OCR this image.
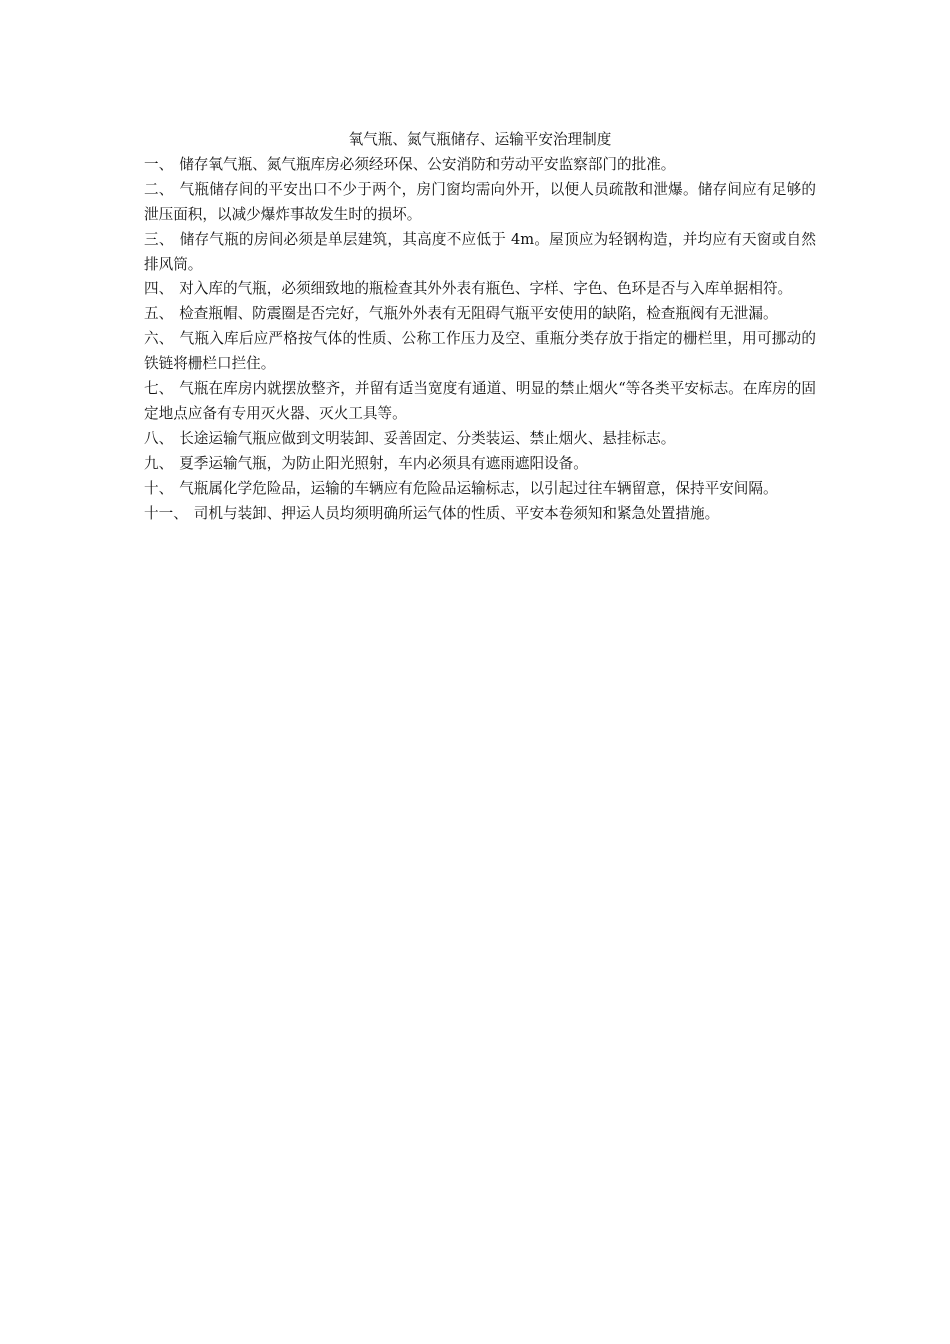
氧气瓶、氮气瓶储存、运输平安治理制度

一、 储存氧气瓶、氮气瓶库房必须经环保、公安消防和劳动平安监察部门的批准。

二、 气瓶储存间的平安出口不少于两个，房门窗均需向外开，以便人员疏散和泄爆。储存间应有足够的泄压面积，以减少爆炸事故发生时的损坏。

三、 储存气瓶的房间必须是单层建筑，其高度不应低于 4m。屋顶应为轻钢构造，并均应有天窗或自然排风筒。

四、 对入库的气瓶，必须细致地的瓶检查其外外表有瓶色、字样、字色、色环是否与入库单据相符。

五、 检查瓶帽、防震圈是否完好，气瓶外外表有无阻碍气瓶平安使用的缺陷，检查瓶阀有无泄漏。

六、 气瓶入库后应严格按气体的性质、公称工作压力及空、重瓶分类存放于指定的栅栏里，用可挪动的铁链将栅栏口拦住。

七、 气瓶在库房内就摆放整齐，并留有适当宽度有通道、明显的禁止烟火“等各类平安标志。在库房的固定地点应备有专用灭火器、灭火工具等。

八、 长途运输气瓶应做到文明装卸、妥善固定、分类装运、禁止烟火、悬挂标志。

九、 夏季运输气瓶，为防止阳光照射，车内必须具有遮雨遮阳设备。

十、 气瓶属化学危险品，运输的车辆应有危险品运输标志，以引起过往车辆留意，保持平安间隔。

十一、 司机与装卸、押运人员均须明确所运气体的性质、平安本卷须知和紧急处置措施。
